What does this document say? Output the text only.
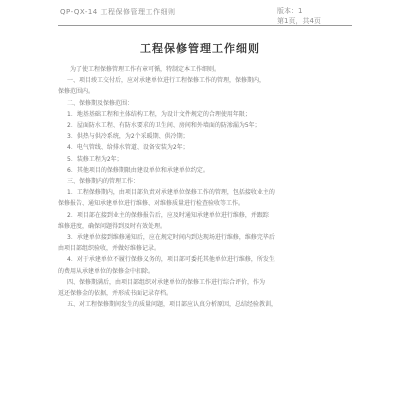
QP-QX-14 工程保修管理工作细则	版本：1
第1页，共4页
工程保修管理工作细则

为了使工程保修管理工作有章可循，特制定本工作细则。

一、项目竣工交付后，应对承建单位进行工程保修工作的管理，保修期内，

保修范围内。

二、保修期及保修范围：

1．地基基础工程和主体结构工程，为设计文件规定的合理使用年限；

2．屋面防水工程、有防水要求的卫生间、房间和外墙面的防渗漏为5年；

3．供热与供冷系统，为2个采暖期、供冷期；

4．电气管线、给排水管道、设备安装为2年；

5．装修工程为2年；

6．其他项目的保修期限由建设单位和承建单位约定。

三、保修期内的管理工作：

1．工程保修期内，由项目部负责对承建单位保修工作的管理，包括接收业主的

保修报告、通知承建单位进行维修、对维修质量进行检查验收等工作。

2．项目部在接到业主的保修报告后，应及时通知承建单位进行维修，并跟踪

维修进度，确保问题得到及时有效处理。

3．承建单位接到维修通知后，应在规定时间内到达现场进行维修，维修完毕后

由项目部组织验收，并做好维修记录。

4．对于承建单位不履行保修义务的，项目部可委托其他单位进行维修，所发生

的费用从承建单位的保修金中扣除。

四、保修期满后，由项目部组织对承建单位的保修工作进行综合评价，作为

返还保修金的依据，并形成书面记录存档。

五、对工程保修期间发生的质量问题，项目部应认真分析原因，总结经验教训，
